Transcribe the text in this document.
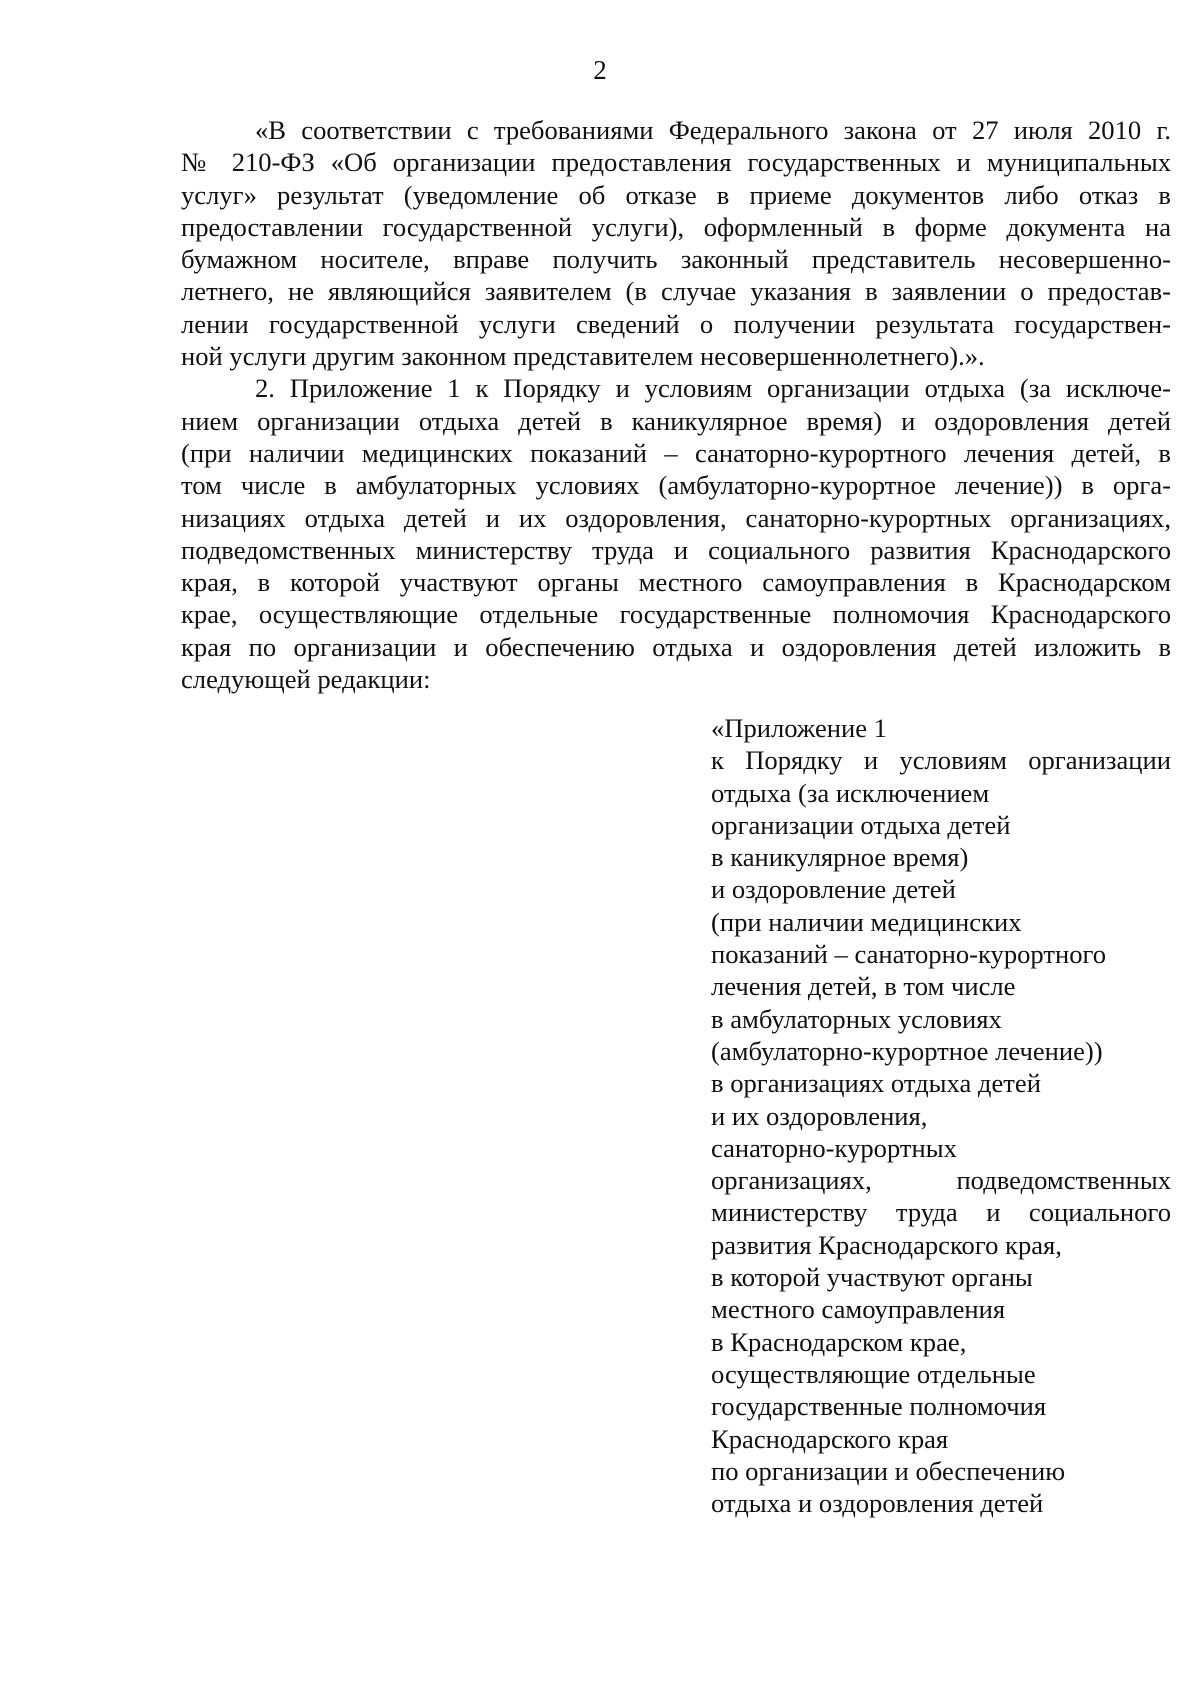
2
«В соответствии с требованиями Федерального закона от 27 июля 2010 г.
№ 210-ФЗ «Об организации предоставления государственных и муниципальных
услуг» результат (уведомление об отказе в приеме документов либо отказ в
предоставлении государственной услуги), оформленный в форме документа на
бумажном носителе, вправе получить законный представитель несовершенно-
летнего, не являющийся заявителем (в случае указания в заявлении о предостав-
лении государственной услуги сведений о получении результата государствен-
ной услуги другим законном представителем несовершеннолетнего).».
2. Приложение 1 к Порядку и условиям организации отдыха (за исключе-
нием организации отдыха детей в каникулярное время) и оздоровления детей
(при наличии медицинских показаний – санаторно-курортного лечения детей, в
том числе в амбулаторных условиях (амбулаторно-курортное лечение)) в орга-
низациях отдыха детей и их оздоровления, санаторно-курортных организациях,
подведомственных министерству труда и социального развития Краснодарского
края, в которой участвуют органы местного самоуправления в Краснодарском
крае, осуществляющие отдельные государственные полномочия Краснодарского
края по организации и обеспечению отдыха и оздоровления детей изложить в
следующей редакции:
«Приложение 1
к Порядку и условиям организации
отдыха (за исключением
организации отдыха детей
в каникулярное время)
и оздоровление детей
(при наличии медицинских
показаний – санаторно-курортного
лечения детей, в том числе
в амбулаторных условиях
(амбулаторно-курортное лечение))
в организациях отдыха детей
и их оздоровления,
санаторно-курортных
организациях, подведомственных
министерству труда и социального
развития Краснодарского края,
в которой участвуют органы
местного самоуправления
в Краснодарском крае,
осуществляющие отдельные
государственные полномочия
Краснодарского края
по организации и обеспечению
отдыха и оздоровления детей
